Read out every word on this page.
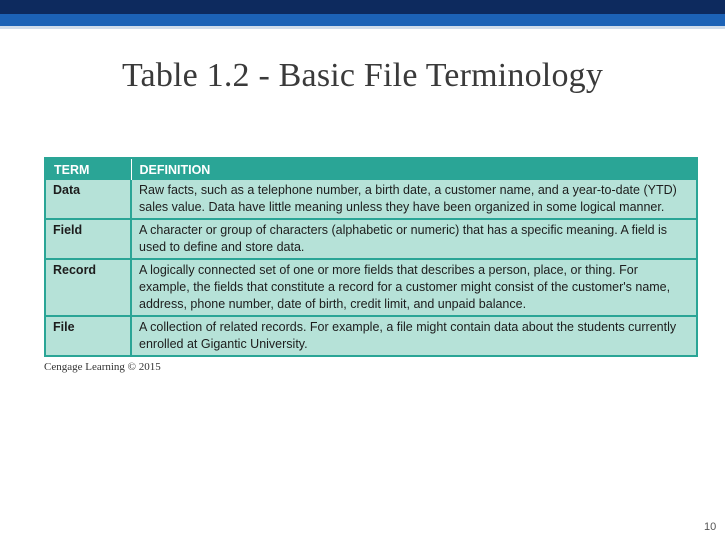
Table 1.2 - Basic File Terminology
TERM	DEFINITION
Data	Raw facts, such as a telephone number, a birth date, a customer name, and a year-to-date (YTD) sales value. Data have little meaning unless they have been organized in some logical manner.
Field	A character or group of characters (alphabetic or numeric) that has a specific meaning. A field is used to define and store data.
Record	A logically connected set of one or more fields that describes a person, place, or thing. For example, the fields that constitute a record for a customer might consist of the customer's name, address, phone number, date of birth, credit limit, and unpaid balance.
File	A collection of related records. For example, a file might contain data about the students currently enrolled at Gigantic University.
Cengage Learning © 2015
10
